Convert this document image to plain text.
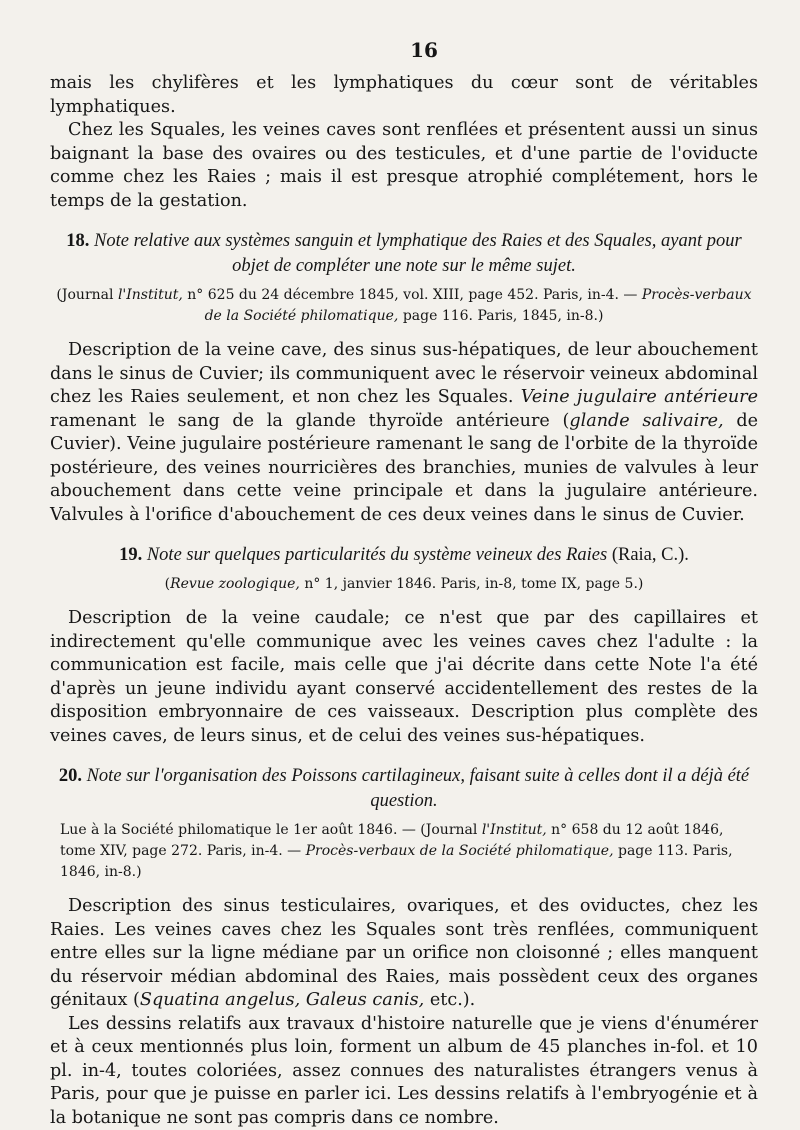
16

mais les chylifères et les lymphatiques du cœur sont de véritables lymphatiques.

Chez les Squales, les veines caves sont renflées et présentent aussi un sinus baignant la base des ovaires ou des testicules, et d'une partie de l'oviducte comme chez les Raies ; mais il est presque atrophié complétement, hors le temps de la gestation.

18. Note relative aux systèmes sanguin et lymphatique des Raies et des Squales, ayant pour objet de compléter une note sur le même sujet.

(Journal l'Institut, n° 625 du 24 décembre 1845, vol. XIII, page 452. Paris, in-4. — Procès-verbaux de la Société philomatique, page 116. Paris, 1845, in-8.)

Description de la veine cave, des sinus sus-hépatiques, de leur abouchement dans le sinus de Cuvier; ils communiquent avec le réservoir veineux abdominal chez les Raies seulement, et non chez les Squales. Veine jugulaire antérieure ramenant le sang de la glande thyroïde antérieure (glande salivaire, de Cuvier). Veine jugulaire postérieure ramenant le sang de l'orbite de la thyroïde postérieure, des veines nourricières des branchies, munies de valvules à leur abouchement dans cette veine principale et dans la jugulaire antérieure. Valvules à l'orifice d'abouchement de ces deux veines dans le sinus de Cuvier.

19. Note sur quelques particularités du système veineux des Raies (Raia, C.).

(Revue zoologique, n° 1, janvier 1846. Paris, in-8, tome IX, page 5.)

Description de la veine caudale; ce n'est que par des capillaires et indirectement qu'elle communique avec les veines caves chez l'adulte : la communication est facile, mais celle que j'ai décrite dans cette Note l'a été d'après un jeune individu ayant conservé accidentellement des restes de la disposition embryonnaire de ces vaisseaux. Description plus complète des veines caves, de leurs sinus, et de celui des veines sus-hépatiques.

20. Note sur l'organisation des Poissons cartilagineux, faisant suite à celles dont il a déjà été question.

Lue à la Société philomatique le 1er août 1846. — (Journal l'Institut, n° 658 du 12 août 1846, tome XIV, page 272. Paris, in-4. — Procès-verbaux de la Société philomatique, page 113. Paris, 1846, in-8.)

Description des sinus testiculaires, ovariques, et des oviductes, chez les Raies. Les veines caves chez les Squales sont très renflées, communiquent entre elles sur la ligne médiane par un orifice non cloisonné ; elles manquent du réservoir médian abdominal des Raies, mais possèdent ceux des organes génitaux (Squatina angelus, Galeus canis, etc.).

Les dessins relatifs aux travaux d'histoire naturelle que je viens d'énumérer et à ceux mentionnés plus loin, forment un album de 45 planches in-fol. et 10 pl. in-4, toutes coloriées, assez connues des naturalistes étrangers venus à Paris, pour que je puisse en parler ici. Les dessins relatifs à l'embryogénie et à la botanique ne sont pas compris dans ce nombre.
